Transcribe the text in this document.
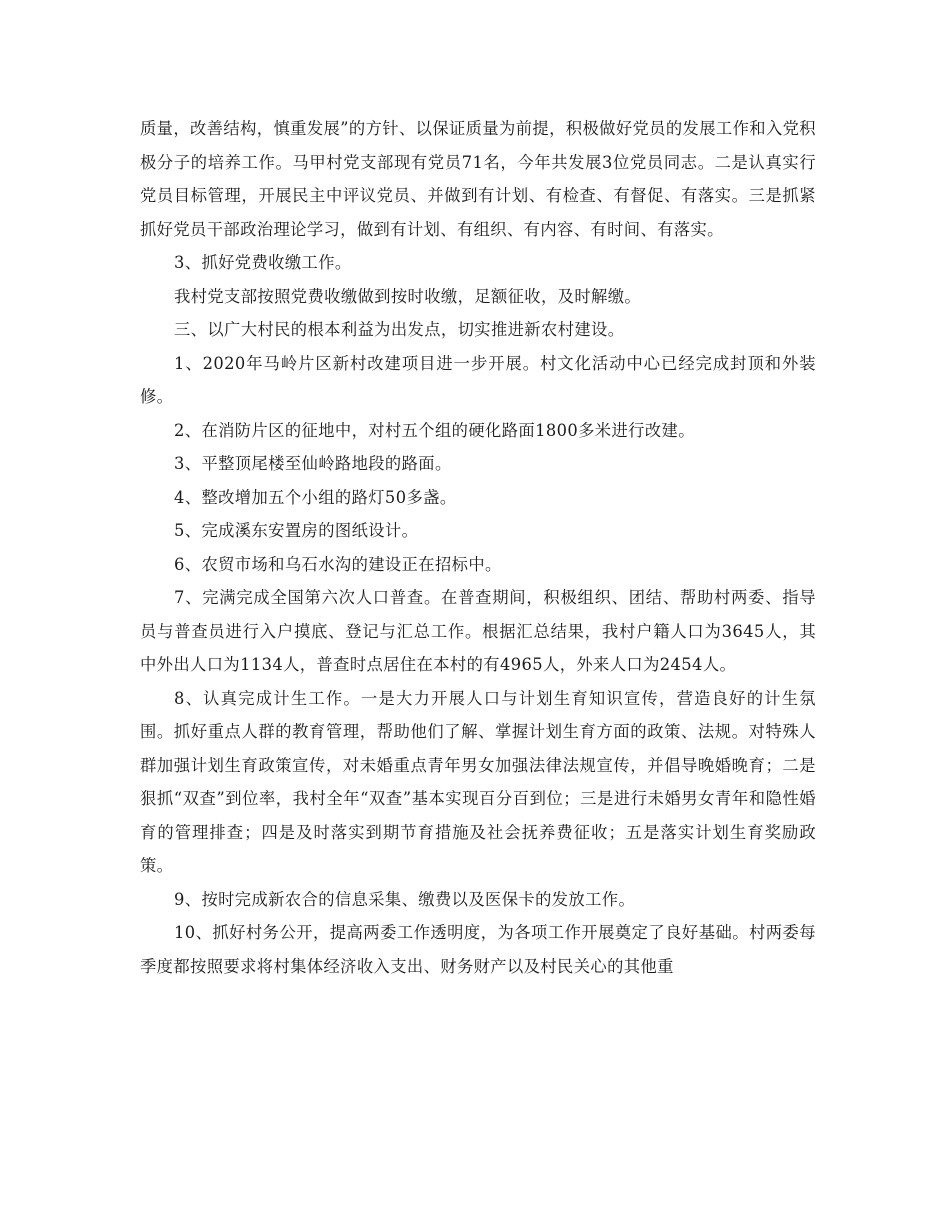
质量，改善结构，慎重发展”的方针、以保证质量为前提，积极做好党员的发展工作和入党积极分子的培养工作。马甲村党支部现有党员71名，今年共发展3位党员同志。二是认真实行党员目标管理，开展民主中评议党员、并做到有计划、有检查、有督促、有落实。三是抓紧抓好党员干部政治理论学习，做到有计划、有组织、有内容、有时间、有落实。

3、抓好党费收缴工作。

我村党支部按照党费收缴做到按时收缴，足额征收，及时解缴。

三、以广大村民的根本利益为出发点，切实推进新农村建设。

1、2020年马岭片区新村改建项目进一步开展。村文化活动中心已经完成封顶和外装修。

2、在消防片区的征地中，对村五个组的硬化路面1800多米进行改建。

3、平整顶尾楼至仙岭路地段的路面。

4、整改增加五个小组的路灯50多盏。

5、完成溪东安置房的图纸设计。

6、农贸市场和乌石水沟的建设正在招标中。

7、完满完成全国第六次人口普查。在普查期间，积极组织、团结、帮助村两委、指导员与普查员进行入户摸底、登记与汇总工作。根据汇总结果，我村户籍人口为3645人，其中外出人口为1134人，普查时点居住在本村的有4965人，外来人口为2454人。

8、认真完成计生工作。一是大力开展人口与计划生育知识宣传，营造良好的计生氛围。抓好重点人群的教育管理，帮助他们了解、掌握计划生育方面的政策、法规。对特殊人群加强计划生育政策宣传，对未婚重点青年男女加强法律法规宣传，并倡导晚婚晚育；二是狠抓“双查”到位率，我村全年“双查”基本实现百分百到位；三是进行未婚男女青年和隐性婚育的管理排查；四是及时落实到期节育措施及社会抚养费征收；五是落实计划生育奖励政策。

9、按时完成新农合的信息采集、缴费以及医保卡的发放工作。

10、抓好村务公开，提高两委工作透明度，为各项工作开展奠定了良好基础。村两委每季度都按照要求将村集体经济收入支出、财务财产以及村民关心的其他重
